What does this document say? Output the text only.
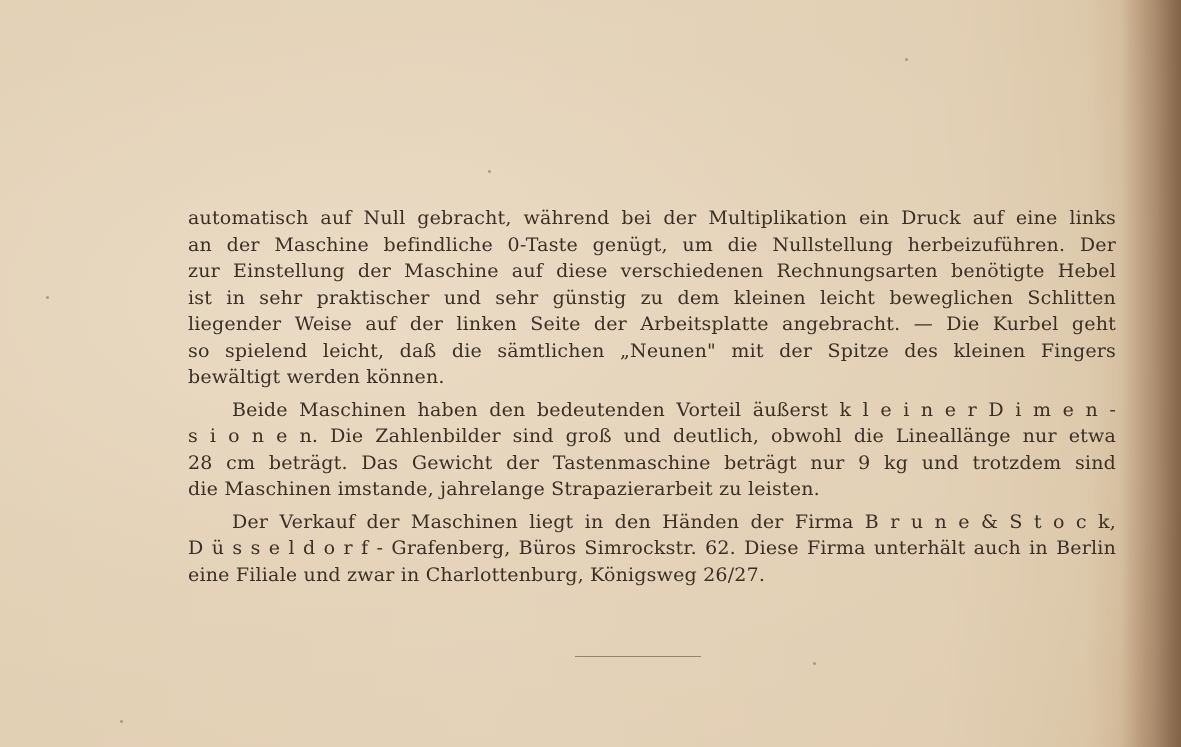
automatisch auf Null gebracht, während bei der Multiplikation ein Druck auf eine links
an der Maschine befindliche 0-Taste genügt, um die Nullstellung herbeizuführen. Der
zur Einstellung der Maschine auf diese verschiedenen Rechnungsarten benötigte Hebel
ist in sehr praktischer und sehr günstig zu dem kleinen leicht beweglichen Schlitten
liegender Weise auf der linken Seite der Arbeitsplatte angebracht. — Die Kurbel geht
so spielend leicht, daß die sämtlichen „Neunen" mit der Spitze des kleinen Fingers
bewältigt werden können.
Beide Maschinen haben den bedeutenden Vorteil äußerst k l e i n e r D i m e n -
s i o n e n. Die Zahlenbilder sind groß und deutlich, obwohl die Lineallänge nur etwa
28 cm beträgt. Das Gewicht der Tastenmaschine beträgt nur 9 kg und trotzdem sind
die Maschinen imstande, jahrelange Strapazierarbeit zu leisten.
Der Verkauf der Maschinen liegt in den Händen der Firma B r u n e & S t o c k,
D ü s s e l d o r f - Grafenberg, Büros Simrockstr. 62. Diese Firma unterhält auch in Berlin
eine Filiale und zwar in Charlottenburg, Königsweg 26/27.
